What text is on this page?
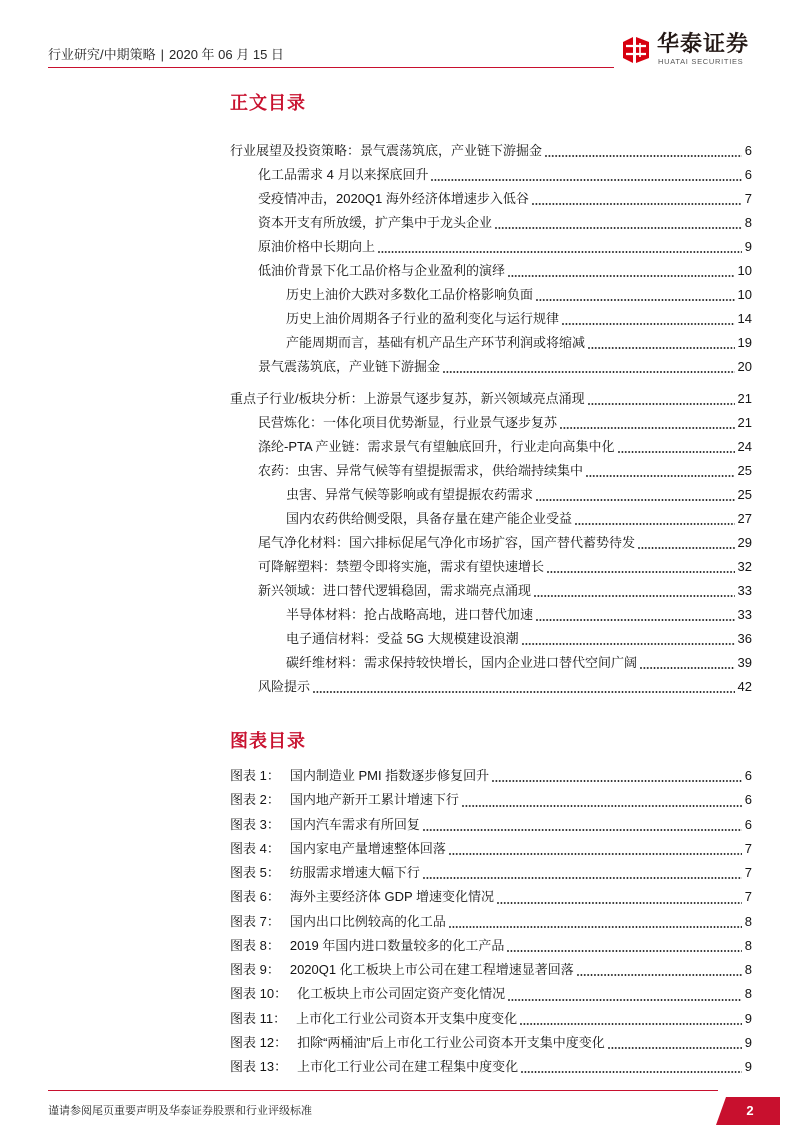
行业研究/中期策略 | 2020 年 06 月 15 日	华泰证券
HUATAI SECURITIES
正文目录
行业展望及投资策略：景气震荡筑底，产业链下游掘金	6
化工品需求 4 月以来探底回升	6
受疫情冲击，2020Q1 海外经济体增速步入低谷	7
资本开支有所放缓，扩产集中于龙头企业	8
原油价格中长期向上	9
低油价背景下化工品价格与企业盈利的演绎	10
历史上油价大跌对多数化工品价格影响负面	10
历史上油价周期各子行业的盈利变化与运行规律	14
产能周期而言，基础有机产品生产环节利润或将缩减	19
景气震荡筑底，产业链下游掘金	20
重点子行业/板块分析：上游景气逐步复苏，新兴领域亮点涌现	21
民营炼化：一体化项目优势渐显，行业景气逐步复苏	21
涤纶-PTA 产业链：需求景气有望触底回升，行业走向高集中化	24
农药：虫害、异常气候等有望提振需求，供给端持续集中	25
虫害、异常气候等影响或有望提振农药需求	25
国内农药供给侧受限，具备存量在建产能企业受益	27
尾气净化材料：国六排标促尾气净化市场扩容，国产替代蓄势待发	29
可降解塑料：禁塑令即将实施，需求有望快速增长	32
新兴领域：进口替代逻辑稳固，需求端亮点涌现	33
半导体材料：抢占战略高地，进口替代加速	33
电子通信材料：受益 5G 大规模建设浪潮	36
碳纤维材料：需求保持较快增长，国内企业进口替代空间广阔	39
风险提示	42
图表目录
图表 1： 国内制造业 PMI 指数逐步修复回升	6
图表 2： 国内地产新开工累计增速下行	6
图表 3： 国内汽车需求有所回复	6
图表 4： 国内家电产量增速整体回落	7
图表 5： 纺服需求增速大幅下行	7
图表 6： 海外主要经济体 GDP 增速变化情况	7
图表 7： 国内出口比例较高的化工品	8
图表 8： 2019 年国内进口数量较多的化工产品	8
图表 9： 2020Q1 化工板块上市公司在建工程增速显著回落	8
图表 10： 化工板块上市公司固定资产变化情况	8
图表 11： 上市化工行业公司资本开支集中度变化	9
图表 12： 扣除“两桶油”后上市化工行业公司资本开支集中度变化	9
图表 13： 上市化工行业公司在建工程集中度变化	9
谨请参阅尾页重要声明及华泰证券股票和行业评级标准	2
